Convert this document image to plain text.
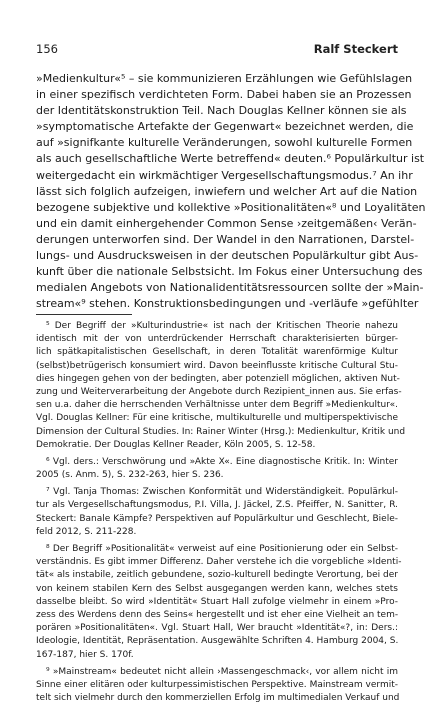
156	Ralf Steckert
»Medienkultur«⁵ – sie kommunizieren Erzählungen wie Gefühlslagen
in einer spezifisch verdichteten Form. Dabei haben sie an Prozessen
der Identitätskonstruktion Teil. Nach Douglas Kellner können sie als
»symptomatische Artefakte der Gegenwart« bezeichnet werden, die
auf »signifkante kulturelle Veränderungen, sowohl kulturelle Formen
als auch gesellschaftliche Werte betreffend« deuten.⁶ Populärkultur ist
weitergedacht ein wirkmächtiger Vergesellschaftungsmodus.⁷ An ihr
lässt sich folglich aufzeigen, inwiefern und welcher Art auf die Nation
bezogene subjektive und kollektive »Positionalitäten«⁸ und Loyalitäten
und ein damit einhergehender Common Sense ›zeitgemäßen‹ Verän-
derungen unterworfen sind. Der Wandel in den Narrationen, Darstel-
lungs- und Ausdrucksweisen in der deutschen Populärkultur gibt Aus-
kunft über die nationale Selbstsicht. Im Fokus einer Untersuchung des
medialen Angebots von Nationalidentitätsressourcen sollte der »Main-
stream«⁹ stehen. Konstruktionsbedingungen und -verläufe »gefühlter
⁵ Der Begriff der »Kulturindustrie« ist nach der Kritischen Theorie nahezu
identisch mit der von unterdrückender Herrschaft charakterisierten bürger-
lich spätkapitalistischen Gesellschaft, in deren Totalität warenförmige Kultur
(selbst)betrügerisch konsumiert wird. Davon beeinflusste kritische Cultural Stu-
dies hingegen gehen von der bedingten, aber potenziell möglichen, aktiven Nut-
zung und Weiterverarbeitung der Angebote durch Rezipient_innen aus. Sie erfas-
sen u.a. daher die herrschenden Verhältnisse unter dem Begriff »Medienkultur«.
Vgl. Douglas Kellner: Für eine kritische, multikulturelle und multiperspektivische
Dimension der Cultural Studies. In: Rainer Winter (Hrsg.): Medienkultur, Kritik und
Demokratie. Der Douglas Kellner Reader, Köln 2005, S. 12-58.
⁶ Vgl. ders.: Verschwörung und »Akte X«. Eine diagnostische Kritik. In: Winter
2005 (s. Anm. 5), S. 232-263, hier S. 236.
⁷ Vgl. Tanja Thomas: Zwischen Konformität und Widerständigkeit. Populärkul-
tur als Vergesellschaftungsmodus, P.I. Villa, J. Jäckel, Z.S. Pfeiffer, N. Sanitter, R.
Steckert: Banale Kämpfe? Perspektiven auf Populärkultur und Geschlecht, Biele-
feld 2012, S. 211-228.
⁸ Der Begriff »Positionalität« verweist auf eine Positionierung oder ein Selbst-
verständnis. Es gibt immer Differenz. Daher verstehe ich die vorgebliche »Identi-
tät« als instabile, zeitlich gebundene, sozio-kulturell bedingte Verortung, bei der
von keinem stabilen Kern des Selbst ausgegangen werden kann, welches stets
dasselbe bleibt. So wird »Identität« Stuart Hall zufolge vielmehr in einem »Pro-
zess des Werdens denn des Seins« hergestellt und ist eher eine Vielheit an tem-
porären »Positionalitäten«. Vgl. Stuart Hall, Wer braucht »Identität«?, in: Ders.:
Ideologie, Identität, Repräsentation. Ausgewählte Schriften 4. Hamburg 2004, S.
167-187, hier S. 170f.
⁹ »Mainstream« bedeutet nicht allein ›Massengeschmack‹, vor allem nicht im
Sinne einer elitären oder kulturpessimistischen Perspektive. Mainstream vermit-
telt sich vielmehr durch den kommerziellen Erfolg im multimedialen Verkauf und
